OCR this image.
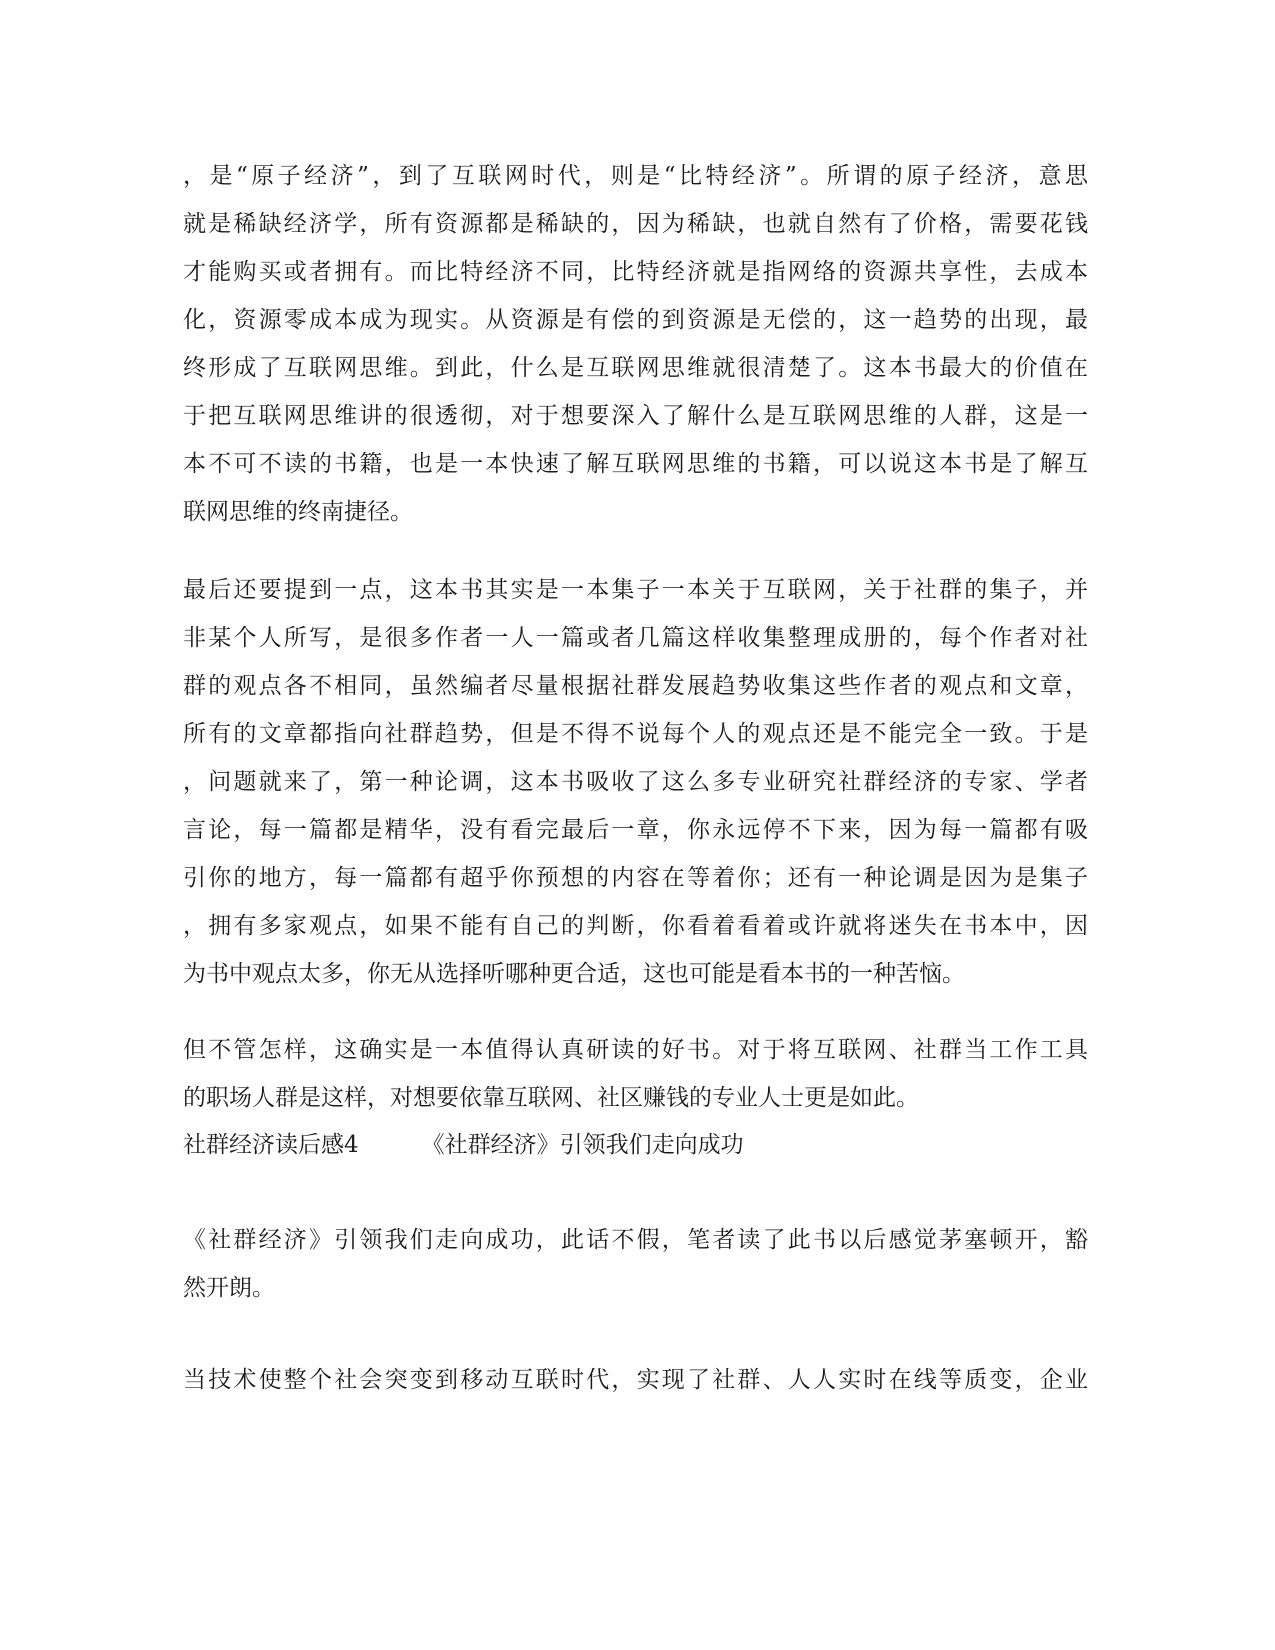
，是“原子经济”，到了互联网时代，则是“比特经济”。所谓的原子经济，意思
就是稀缺经济学，所有资源都是稀缺的，因为稀缺，也就自然有了价格，需要花钱
才能购买或者拥有。而比特经济不同，比特经济就是指网络的资源共享性，去成本
化，资源零成本成为现实。从资源是有偿的到资源是无偿的，这一趋势的出现，最
终形成了互联网思维。到此，什么是互联网思维就很清楚了。这本书最大的价值在
于把互联网思维讲的很透彻，对于想要深入了解什么是互联网思维的人群，这是一
本不可不读的书籍，也是一本快速了解互联网思维的书籍，可以说这本书是了解互
联网思维的终南捷径。
最后还要提到一点，这本书其实是一本集子一本关于互联网，关于社群的集子，并
非某个人所写，是很多作者一人一篇或者几篇这样收集整理成册的，每个作者对社
群的观点各不相同，虽然编者尽量根据社群发展趋势收集这些作者的观点和文章，
所有的文章都指向社群趋势，但是不得不说每个人的观点还是不能完全一致。于是
，问题就来了，第一种论调，这本书吸收了这么多专业研究社群经济的专家、学者
言论，每一篇都是精华，没有看完最后一章，你永远停不下来，因为每一篇都有吸
引你的地方，每一篇都有超乎你预想的内容在等着你；还有一种论调是因为是集子
，拥有多家观点，如果不能有自己的判断，你看着看着或许就将迷失在书本中，因
为书中观点太多，你无从选择听哪种更合适，这也可能是看本书的一种苦恼。
但不管怎样，这确实是一本值得认真研读的好书。对于将互联网、社群当工作工具
的职场人群是这样，对想要依靠互联网、社区赚钱的专业人士更是如此。
社群经济读后感4	《社群经济》引领我们走向成功
《社群经济》引领我们走向成功，此话不假，笔者读了此书以后感觉茅塞顿开，豁
然开朗。
当技术使整个社会突变到移动互联时代，实现了社群、人人实时在线等质变，企业
